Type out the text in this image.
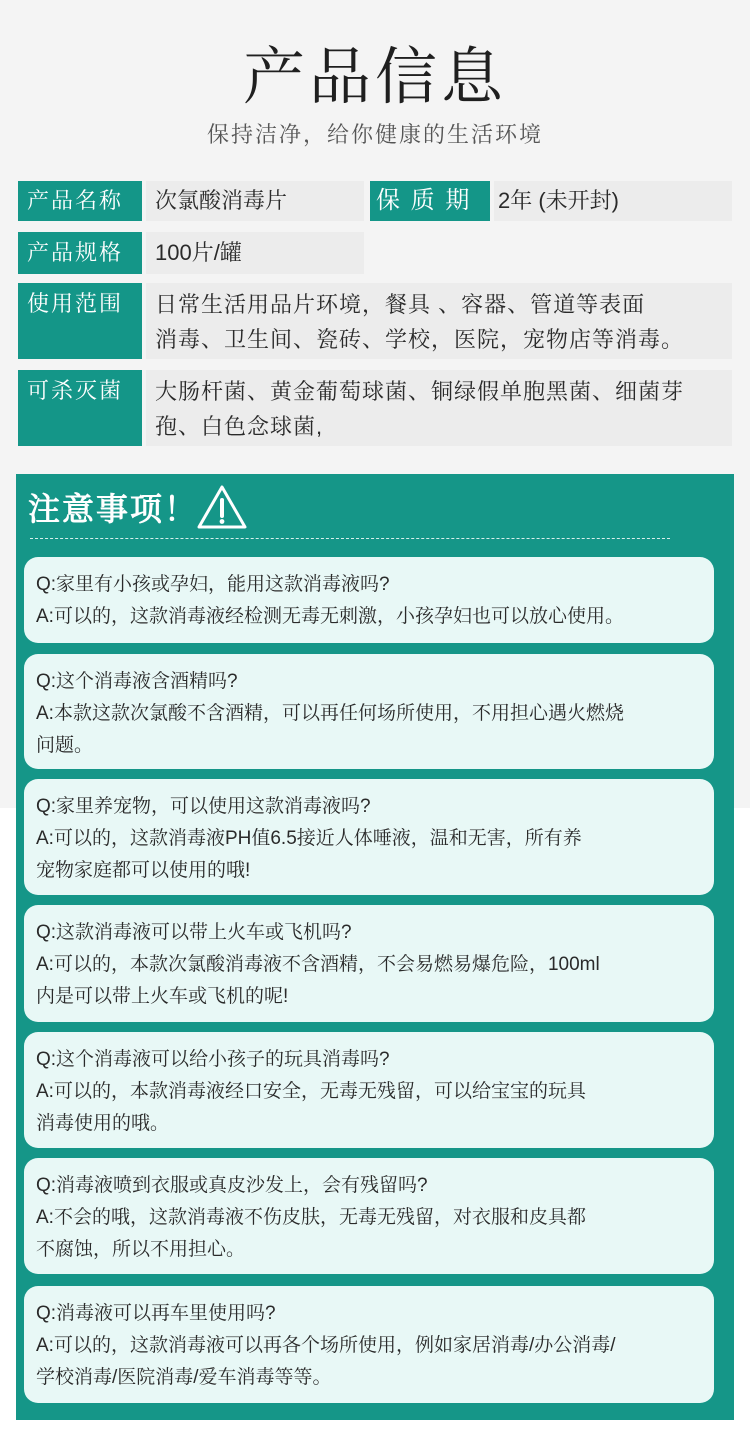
产品信息
保持洁净，给你健康的生活环境
产品名称	次氯酸消毒片	保 质 期	2年 (未开封)
产品规格	100片/罐
使用范围	日常生活用品片环境，餐具 、容器、管道等表面
消毒、卫生间、瓷砖、学校，医院，宠物店等消毒。
可杀灭菌	大肠杆菌、黄金葡萄球菌、铜绿假单胞黑菌、细菌芽
孢、白色念球菌,
注意事项！
Q:家里有小孩或孕妇，能用这款消毒液吗?
A:可以的，这款消毒液经检测无毒无刺激，小孩孕妇也可以放心使用。
Q:这个消毒液含酒精吗?
A:本款这款次氯酸不含酒精，可以再任何场所使用，不用担心遇火燃烧
问题。
Q:家里养宠物，可以使用这款消毒液吗?
A:可以的，这款消毒液PH值6.5接近人体唾液，温和无害，所有养
宠物家庭都可以使用的哦!
Q:这款消毒液可以带上火车或飞机吗?
A:可以的，本款次氯酸消毒液不含酒精，不会易燃易爆危险，100ml
内是可以带上火车或飞机的呢!
Q:这个消毒液可以给小孩子的玩具消毒吗?
A:可以的，本款消毒液经口安全，无毒无残留，可以给宝宝的玩具
消毒使用的哦。
Q:消毒液喷到衣服或真皮沙发上，会有残留吗?
A:不会的哦，这款消毒液不伤皮肤，无毒无残留，对衣服和皮具都
不腐蚀，所以不用担心。
Q:消毒液可以再车里使用吗?
A:可以的，这款消毒液可以再各个场所使用，例如家居消毒/办公消毒/
学校消毒/医院消毒/爱车消毒等等。
